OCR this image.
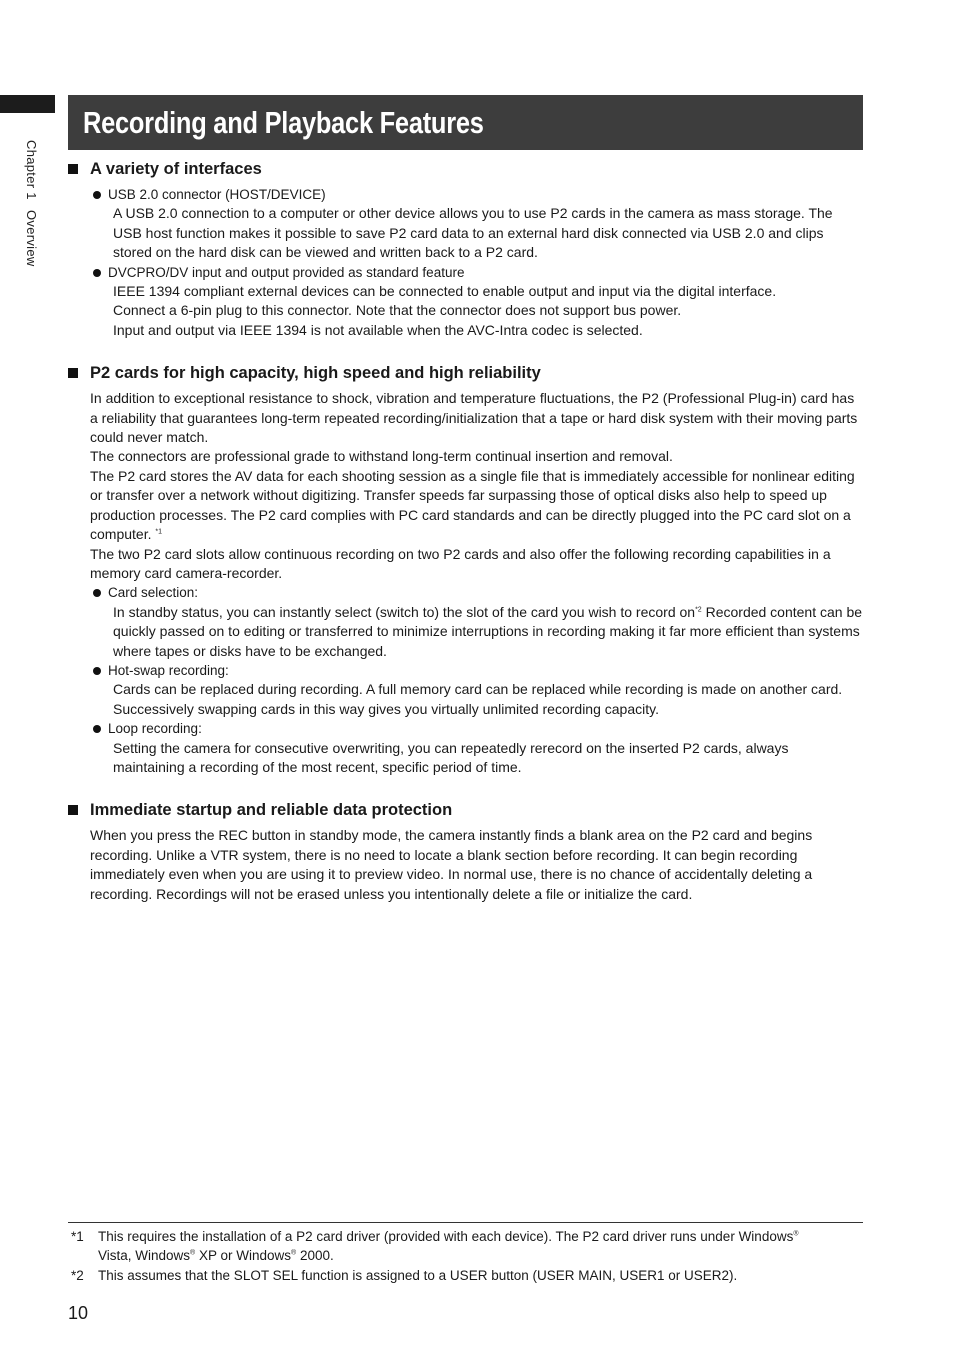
Chapter 1 Overview
Recording and Playback Features
A variety of interfaces
USB 2.0 connector (HOST/DEVICE)
A USB 2.0 connection to a computer or other device allows you to use P2 cards in the camera as mass storage. The USB host function makes it possible to save P2 card data to an external hard disk connected via USB 2.0 and clips stored on the hard disk can be viewed and written back to a P2 card.
DVCPRO/DV input and output provided as standard feature
IEEE 1394 compliant external devices can be connected to enable output and input via the digital interface.
Connect a 6-pin plug to this connector. Note that the connector does not support bus power.
Input and output via IEEE 1394 is not available when the AVC-Intra codec is selected.
P2 cards for high capacity, high speed and high reliability

In addition to exceptional resistance to shock, vibration and temperature fluctuations, the P2 (Professional Plug-in) card has a reliability that guarantees long-term repeated recording/initialization that a tape or hard disk system with their moving parts could never match.

The connectors are professional grade to withstand long-term continual insertion and removal.

The P2 card stores the AV data for each shooting session as a single file that is immediately accessible for nonlinear editing or transfer over a network without digitizing. Transfer speeds far surpassing those of optical disks also help to speed up production processes. The P2 card complies with PC card standards and can be directly plugged into the PC card slot on a computer. $^{*1}$

The two P2 card slots allow continuous recording on two P2 cards and also offer the following recording capabilities in a memory card camera-recorder.

Card selection:
In standby status, you can instantly select (switch to) the slot of the card you wish to record $on^{*2}$ Recorded content can be quickly passed on to editing or transferred to minimize interruptions in recording making it far more efficient than systems where tapes or disks have to be exchanged.
Hot-swap recording:
Cards can be replaced during recording. A full memory card can be replaced while recording is made on another card. Successively swapping cards in this way gives you virtually unlimited recording capacity.
Loop recording:
Setting the camera for consecutive overwriting, you can repeatedly rerecord on the inserted P2 cards, always maintaining a recording of the most recent, specific period of time.
Immediate startup and reliable data protection

When you press the REC button in standby mode, the camera instantly finds a blank area on the P2 card and begins recording. Unlike a VTR system, there is no need to locate a blank section before recording. It can begin recording immediately even when you are using it to preview video. In normal use, there is no chance of accidentally deleting a recording. Recordings will not be erased unless you intentionally delete a file or initialize the card.

*1	This requires the installation of a P2 card driver (provided with each device). The P2 card driver runs under Windows®
Vista, Windows® XP or Windows® 2000.
*2	This assumes that the SLOT SEL function is assigned to a USER button (USER MAIN, USER1 or USER2).
10
